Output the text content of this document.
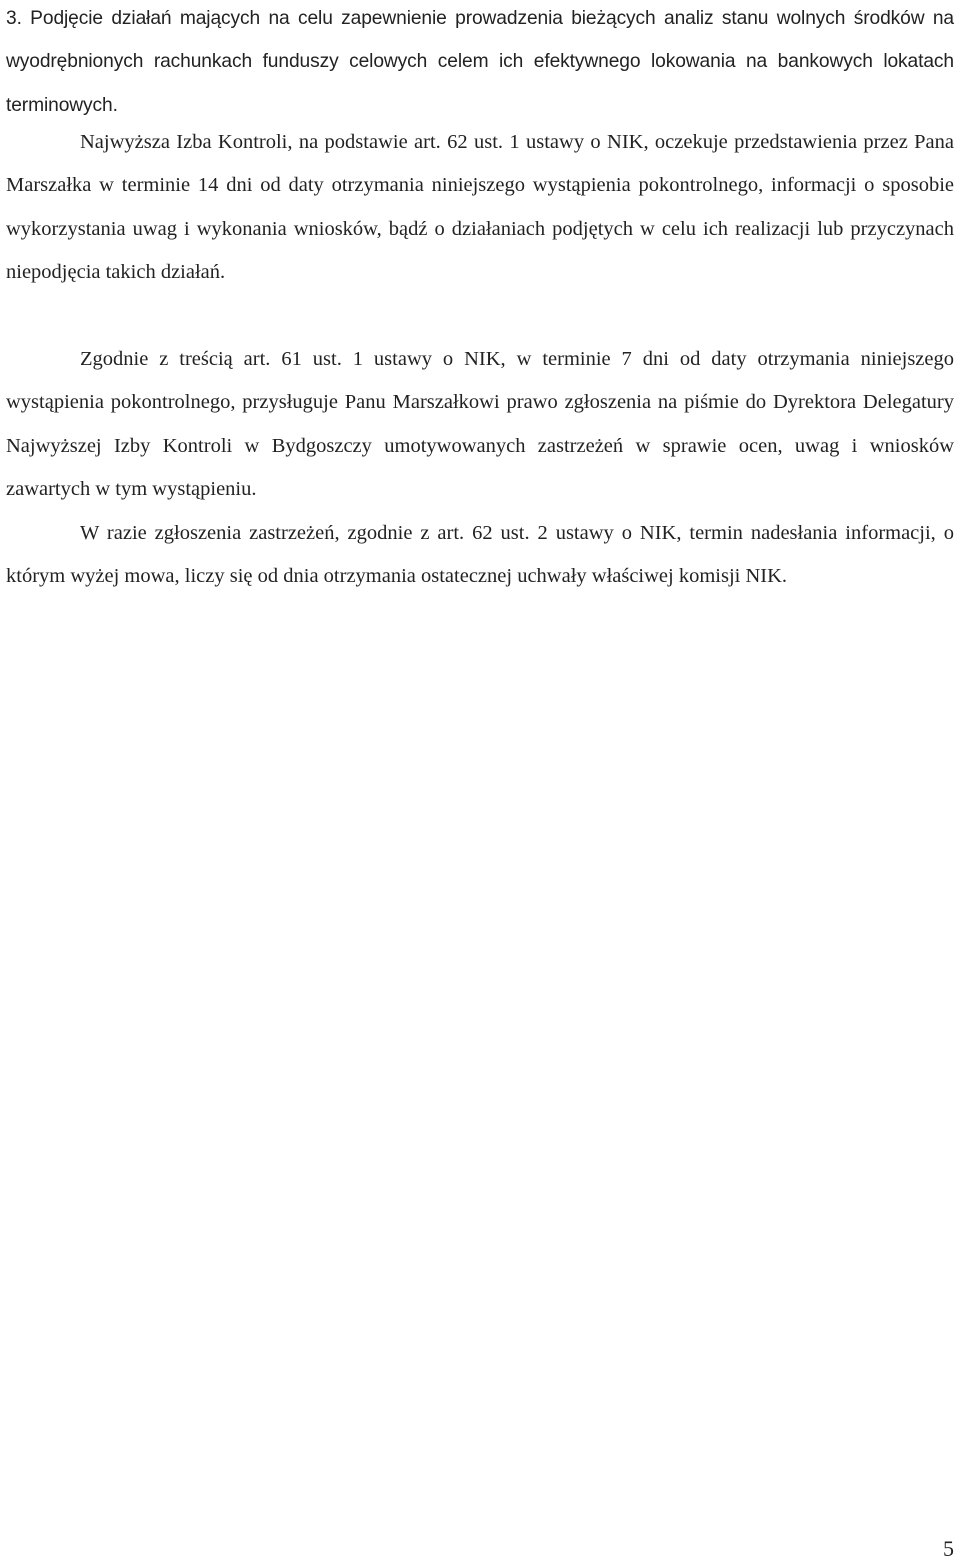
3. Podjęcie działań mających na celu zapewnienie prowadzenia bieżących analiz stanu wolnych środków na wyodrębnionych rachunkach funduszy celowych celem ich efektywnego lokowania na bankowych lokatach terminowych.

Najwyższa Izba Kontroli, na podstawie art. 62 ust. 1 ustawy o NIK, oczekuje przedstawienia przez Pana Marszałka w terminie 14 dni od daty otrzymania niniejszego wystąpienia pokontrolnego, informacji o sposobie wykorzystania uwag i wykonania wniosków, bądź o działaniach podjętych w celu ich realizacji lub przyczynach niepodjęcia takich działań.

Zgodnie z treścią art. 61 ust. 1 ustawy o NIK, w terminie 7 dni od daty otrzymania niniejszego wystąpienia pokontrolnego, przysługuje Panu Marszałkowi prawo zgłoszenia na piśmie do Dyrektora Delegatury Najwyższej Izby Kontroli w Bydgoszczy umotywowanych zastrzeżeń w sprawie ocen, uwag i wniosków zawartych w tym wystąpieniu.

W razie zgłoszenia zastrzeżeń, zgodnie z art. 62 ust. 2 ustawy o NIK, termin nadesłania informacji, o którym wyżej mowa, liczy się od dnia otrzymania ostatecznej uchwały właściwej komisji NIK.

5
